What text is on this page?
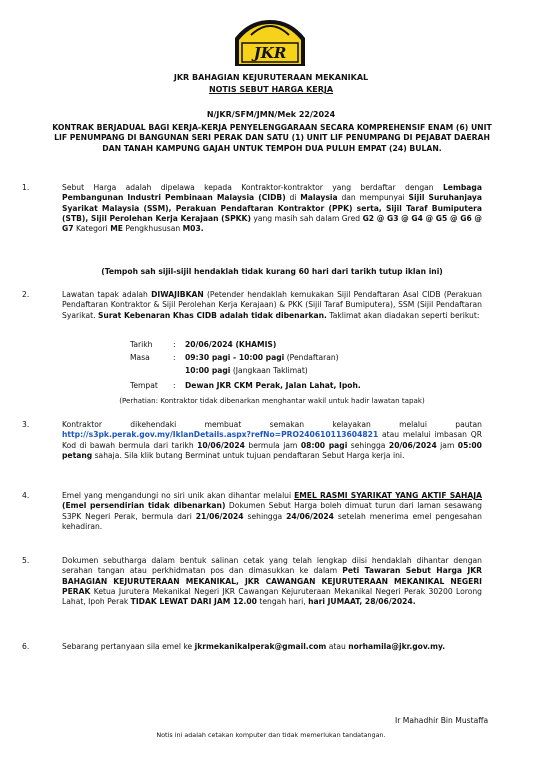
JKR
JKR BAHAGIAN KEJURUTERAAN MEKANIKAL
NOTIS SEBUT HARGA KERJA
N/JKR/SFM/JMN/Mek 22/2024
KONTRAK BERJADUAL BAGI KERJA-KERJA PENYELENGGARAAN SECARA KOMPREHENSIF ENAM (6) UNIT LIF PENUMPANG DI BANGUNAN SERI PERAK DAN SATU (1) UNIT LIF PENUMPANG DI PEJABAT DAERAH DAN TANAH KAMPUNG GAJAH UNTUK TEMPOH DUA PULUH EMPAT (24) BULAN.
1.	Sebut Harga adalah dipelawa kepada Kontraktor-kontraktor yang berdaftar dengan Lembaga Pembangunan Industri Pembinaan Malaysia (CIDB) di Malaysia dan mempunyai Sijil Suruhanjaya Syarikat Malaysia (SSM), Perakuan Pendaftaran Kontraktor (PPK) serta, Sijil Taraf Bumiputera (STB), Sijil Perolehan Kerja Kerajaan (SPKK) yang masih sah dalam Gred G2 @ G3 @ G4 @ G5 @ G6 @ G7 Kategori ME Pengkhususan M03.
(Tempoh sah sijil-sijil hendaklah tidak kurang 60 hari dari tarikh tutup iklan ini)
2.	Lawatan tapak adalah DIWAJIBKAN (Petender hendaklah kemukakan Sijil Pendaftaran Asal CIDB (Perakuan Pendaftaran Kontraktor & Sijil Perolehan Kerja Kerajaan) & PKK (Sijil Taraf Bumiputera), SSM (Sijil Pendaftaran Syarikat. Surat Kebenaran Khas CIDB adalah tidak dibenarkan. Taklimat akan diadakan seperti berikut:
Tarikh	: 20/06/2024 (KHAMIS)
Masa	: 09:30 pagi - 10:00 pagi (Pendaftaran)
10:00 pagi (Jangkaan Taklimat)
Tempat : Dewan JKR CKM Perak, Jalan Lahat, Ipoh.
(Perhatian: Kontraktor tidak dibenarkan menghantar wakil untuk hadir lawatan tapak)
3.	Kontraktor dikehendaki membuat semakan kelayakan melalui pautan http://s3pk.perak.gov.my/IklanDetails.aspx?refNo=PRO240610113604821 atau melalui imbasan QR Kod di bawah bermula dari tarikh 10/06/2024 bermula jam 08:00 pagi sehingga 20/06/2024 jam 05:00 petang sahaja. Sila klik butang Berminat untuk tujuan pendaftaran Sebut Harga kerja ini.
4.	Emel yang mengandungi no siri unik akan dihantar melalui EMEL RASMI SYARIKAT YANG AKTIF SAHAJA (Emel persendirian tidak dibenarkan) Dokumen Sebut Harga boleh dimuat turun dari laman sesawang S3PK Negeri Perak, bermula dari 21/06/2024 sehingga 24/06/2024 setelah menerima emel pengesahan kehadiran.
5.	Dokumen sebutharga dalam bentuk salinan cetak yang telah lengkap diisi hendaklah dihantar dengan serahan tangan atau perkhidmatan pos dan dimasukkan ke dalam Peti Tawaran Sebut Harga JKR BAHAGIAN KEJURUTERAAN MEKANIKAL, JKR CAWANGAN KEJURUTERAAN MEKANIKAL NEGERI PERAK Ketua Jurutera Mekanikal Negeri JKR Cawangan Kejuruteraan Mekanikal Negeri Perak 30200 Lorong Lahat, Ipoh Perak TIDAK LEWAT DARI JAM 12.00 tengah hari, hari JUMAAT, 28/06/2024.
6.	Sebarang pertanyaan sila emel ke jkrmekanikalperak@gmail.com atau norhamila@jkr.gov.my.
Ir Mahadhir Bin Mustaffa
Notis ini adalah cetakan komputer dan tidak memerlukan tandatangan.
